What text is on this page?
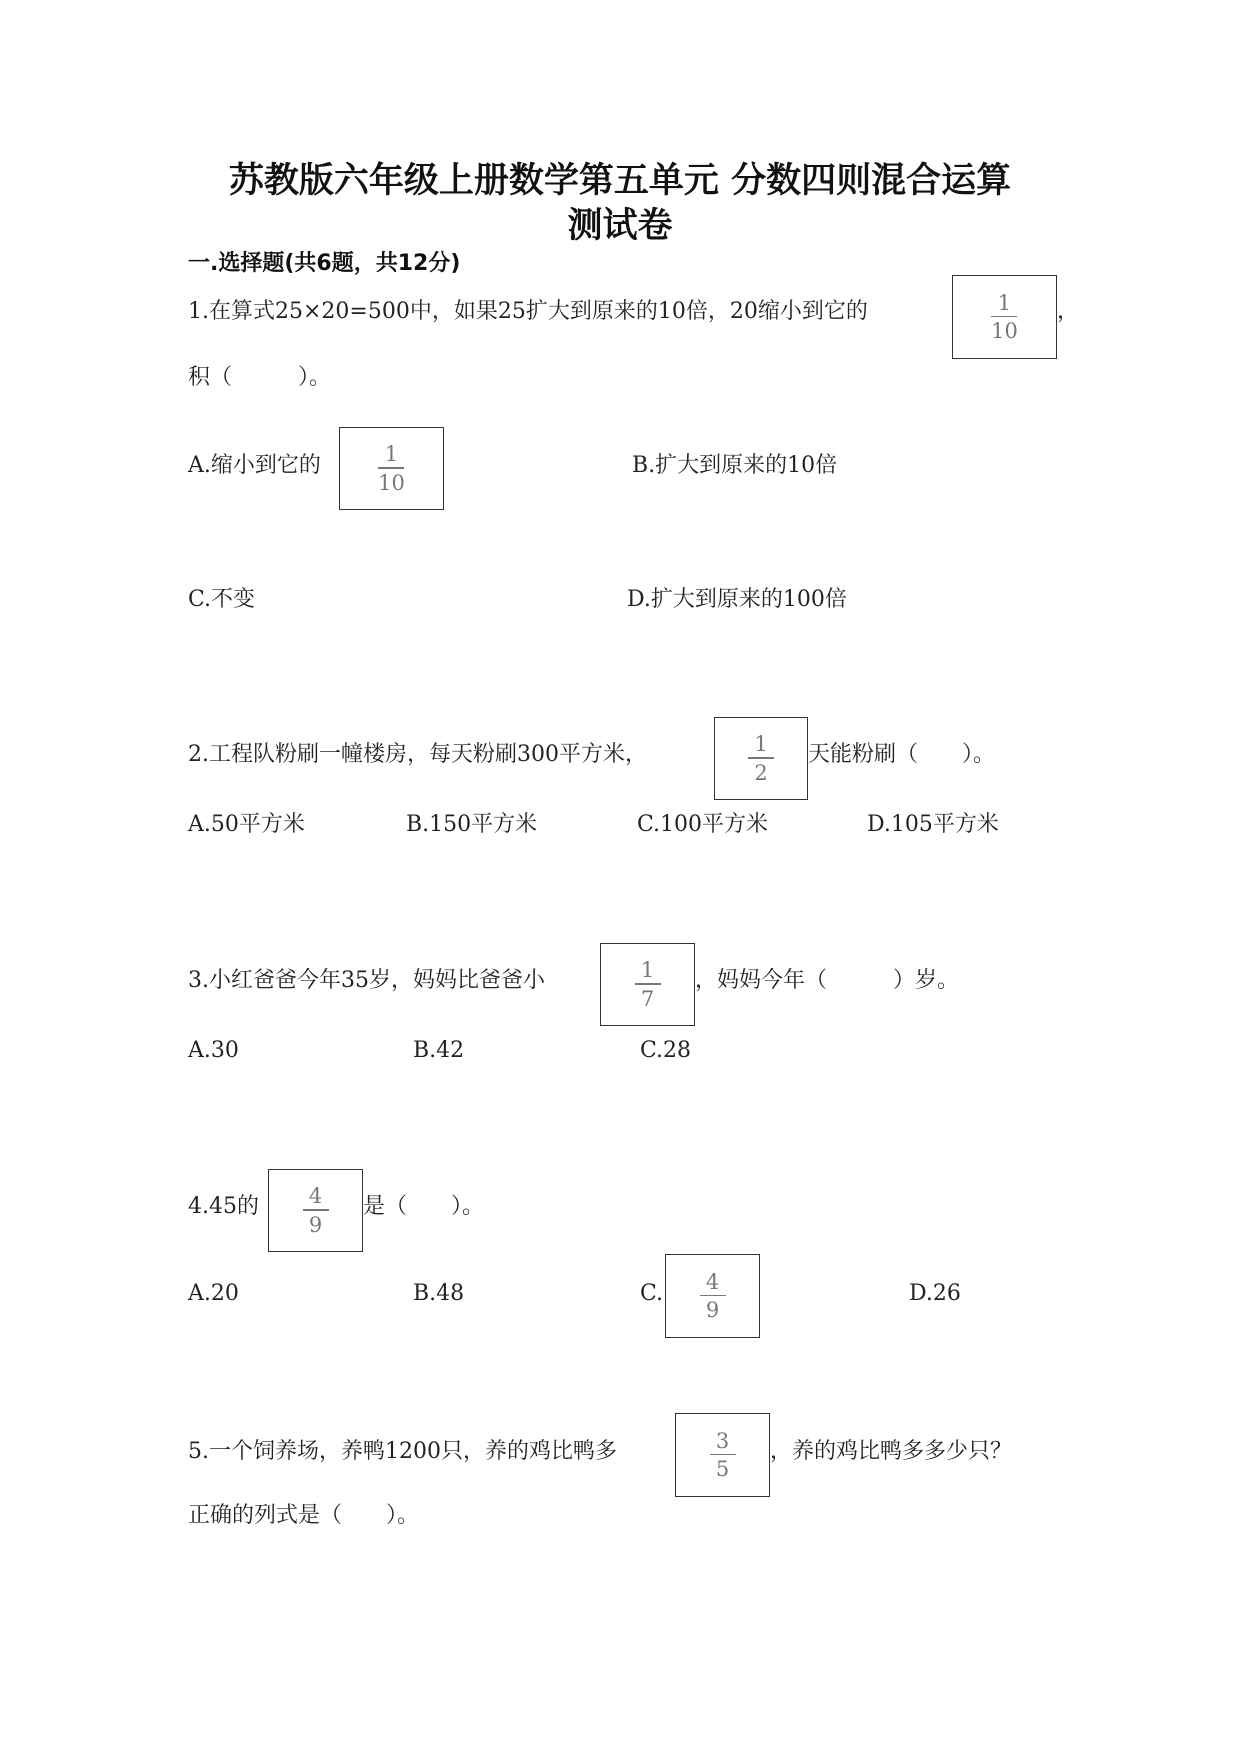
苏教版六年级上册数学第五单元 分数四则混合运算
测试卷
一.选择题(共6题，共12分)
1.在算式25×20=500中，如果25扩大到原来的10倍，20缩小到它的	$\frac{1}{10}$ ，
积（　　　）。
A.缩小到它的	$\frac{1}{10}$	B.扩大到原来的10倍
C.不变	D.扩大到原来的100倍
2.工程队粉刷一幢楼房，每天粉刷300平方米，	$\frac{1}{2}$ 天能粉刷（　　）。
A.50平方米	B.150平方米	C.100平方米	D.105平方米
3.小红爸爸今年35岁，妈妈比爸爸小	$\frac{1}{7}$ ，妈妈今年（　　　）岁。
A.30	B.42	C.28
4.45的 $\frac{4}{9}$ 是（　　）。
A.20	B.48	C. $\frac{4}{9}$	D.26
5.一个饲养场，养鸭1200只，养的鸡比鸭多	$\frac{3}{5}$ ，养的鸡比鸭多多少只？
正确的列式是（　　）。
